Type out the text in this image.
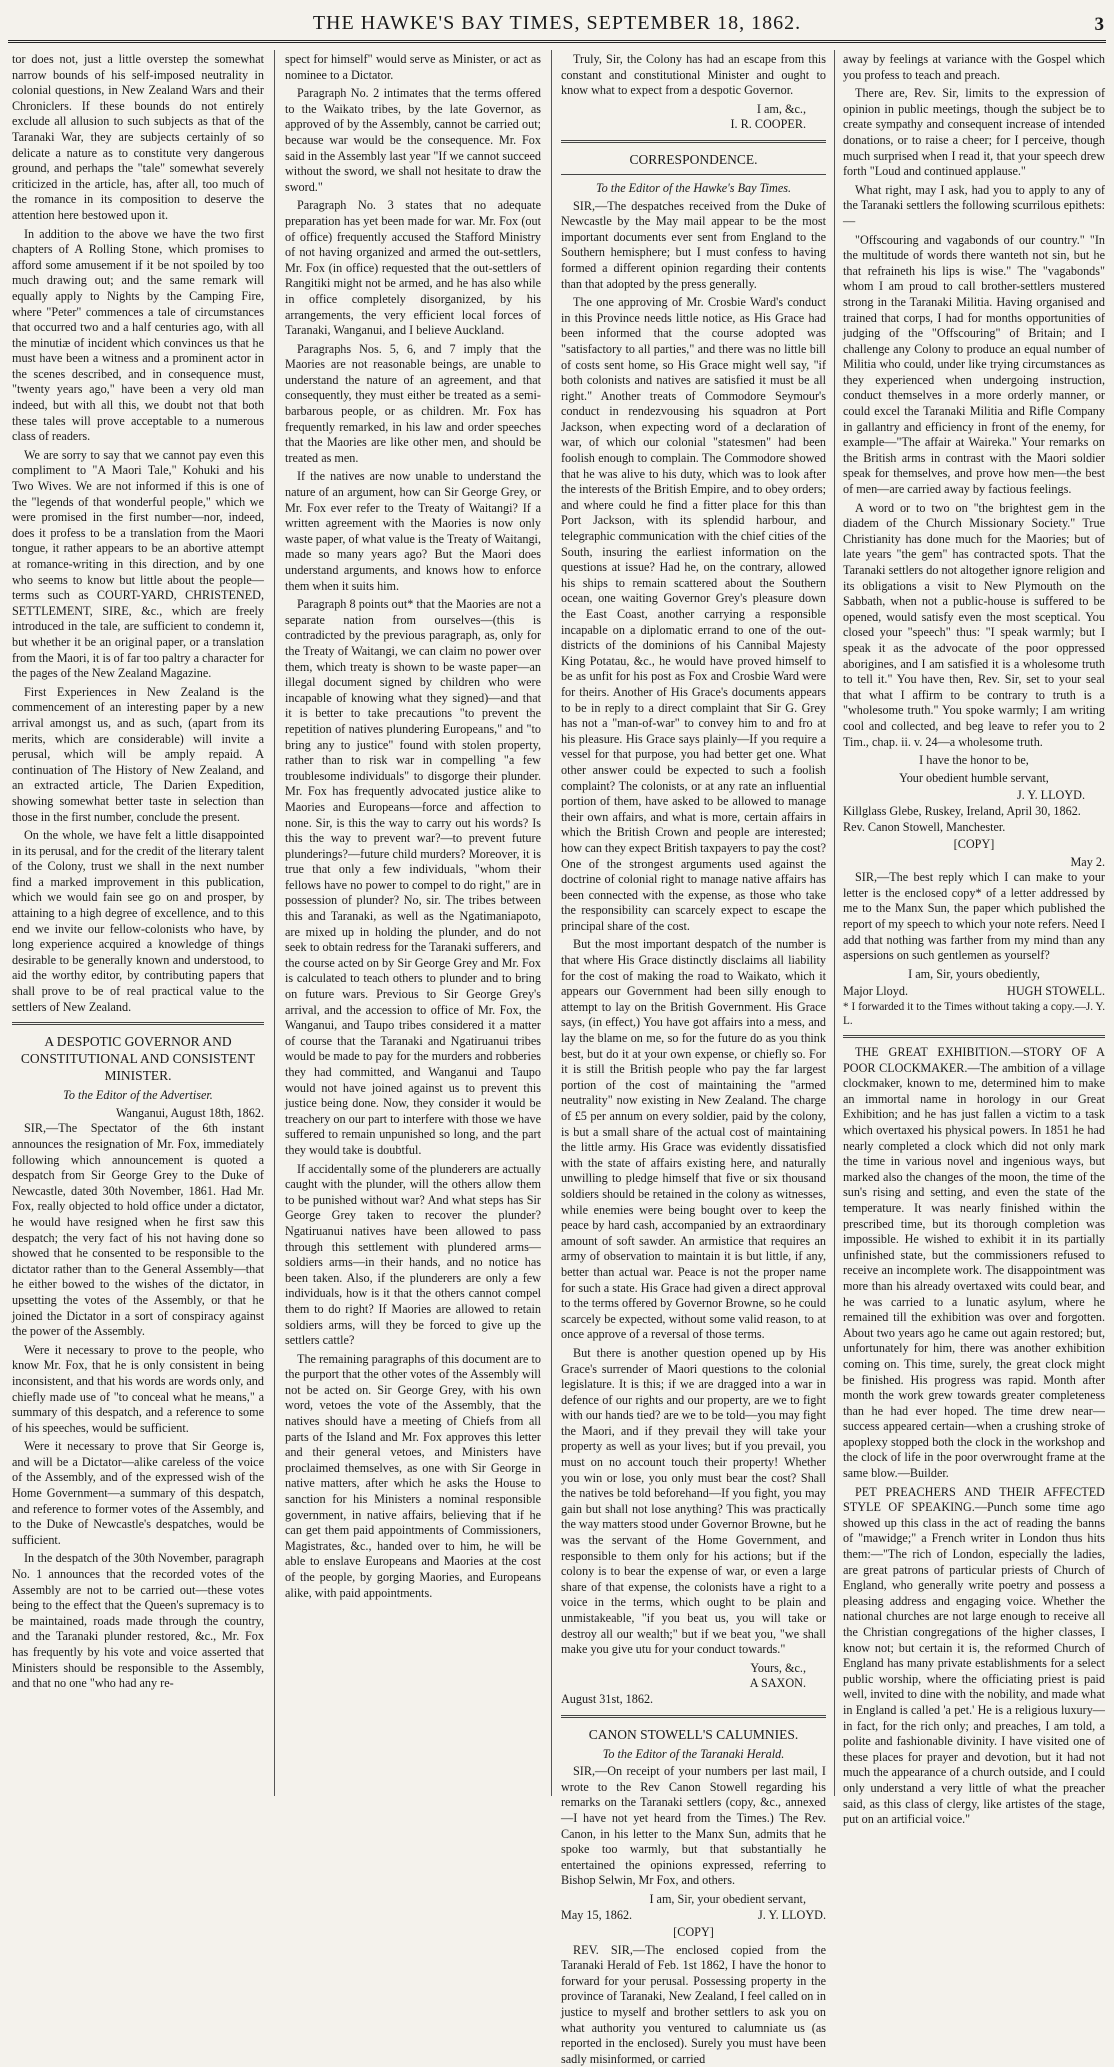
THE HAWKE'S BAY TIMES, SEPTEMBER 18, 1862.	3

tor does not, just a little overstep the somewhat narrow bounds of his self-imposed neutrality in colonial questions, in New Zealand Wars and their Chroniclers. If these bounds do not entirely exclude all allusion to such subjects as that of the Taranaki War, they are subjects certainly of so delicate a nature as to constitute very dangerous ground, and perhaps the "tale" somewhat severely criticized in the article, has, after all, too much of the romance in its composition to deserve the attention here bestowed upon it.

In addition to the above we have the two first chapters of A Rolling Stone, which promises to afford some amusement if it be not spoiled by too much drawing out; and the same remark will equally apply to Nights by the Camping Fire, where "Peter" commences a tale of circumstances that occurred two and a half centuries ago, with all the minutiæ of incident which convinces us that he must have been a witness and a prominent actor in the scenes described, and in consequence must, "twenty years ago," have been a very old man indeed, but with all this, we doubt not that both these tales will prove acceptable to a numerous class of readers.

We are sorry to say that we cannot pay even this compliment to "A Maori Tale," Kohuki and his Two Wives. We are not informed if this is one of the "legends of that wonderful people," which we were promised in the first number—nor, indeed, does it profess to be a translation from the Maori tongue, it rather appears to be an abortive attempt at romance-writing in this direction, and by one who seems to know but little about the people—terms such as COURT-YARD, CHRISTENED, SETTLEMENT, SIRE, &c., which are freely introduced in the tale, are sufficient to condemn it, but whether it be an original paper, or a translation from the Maori, it is of far too paltry a character for the pages of the New Zealand Magazine.

First Experiences in New Zealand is the commencement of an interesting paper by a new arrival amongst us, and as such, (apart from its merits, which are considerable) will invite a perusal, which will be amply repaid. A continuation of The History of New Zealand, and an extracted article, The Darien Expedition, showing somewhat better taste in selection than those in the first number, conclude the present.

On the whole, we have felt a little disappointed in its perusal, and for the credit of the literary talent of the Colony, trust we shall in the next number find a marked improvement in this publication, which we would fain see go on and prosper, by attaining to a high degree of excellence, and to this end we invite our fellow-colonists who have, by long experience acquired a knowledge of things desirable to be generally known and understood, to aid the worthy editor, by contributing papers that shall prove to be of real practical value to the settlers of New Zealand.

A DESPOTIC GOVERNOR AND CONSTITUTIONAL AND CONSISTENT MINISTER.
To the Editor of the Advertiser.
Wanganui, August 18th, 1862.

SIR,—The Spectator of the 6th instant announces the resignation of Mr. Fox, immediately following which announcement is quoted a despatch from Sir George Grey to the Duke of Newcastle, dated 30th November, 1861. Had Mr. Fox, really objected to hold office under a dictator, he would have resigned when he first saw this despatch; the very fact of his not having done so showed that he consented to be responsible to the dictator rather than to the General Assembly—that he either bowed to the wishes of the dictator, in upsetting the votes of the Assembly, or that he joined the Dictator in a sort of conspiracy against the power of the Assembly.

Were it necessary to prove to the people, who know Mr. Fox, that he is only consistent in being inconsistent, and that his words are words only, and chiefly made use of "to conceal what he means," a summary of this despatch, and a reference to some of his speeches, would be sufficient.

Were it necessary to prove that Sir George is, and will be a Dictator—alike careless of the voice of the Assembly, and of the expressed wish of the Home Government—a summary of this despatch, and reference to former votes of the Assembly, and to the Duke of Newcastle's despatches, would be sufficient.

In the despatch of the 30th November, paragraph No. 1 announces that the recorded votes of the Assembly are not to be carried out—these votes being to the effect that the Queen's supremacy is to be maintained, roads made through the country, and the Taranaki plunder restored, &c., Mr. Fox has frequently by his vote and voice asserted that Ministers should be responsible to the Assembly, and that no one "who had any re-

spect for himself" would serve as Minister, or act as nominee to a Dictator.

Paragraph No. 2 intimates that the terms offered to the Waikato tribes, by the late Governor, as approved of by the Assembly, cannot be carried out; because war would be the consequence. Mr. Fox said in the Assembly last year "If we cannot succeed without the sword, we shall not hesitate to draw the sword."

Paragraph No. 3 states that no adequate preparation has yet been made for war. Mr. Fox (out of office) frequently accused the Stafford Ministry of not having organized and armed the out-settlers, Mr. Fox (in office) requested that the out-settlers of Rangitiki might not be armed, and he has also while in office completely disorganized, by his arrangements, the very efficient local forces of Taranaki, Wanganui, and I believe Auckland.

Paragraphs Nos. 5, 6, and 7 imply that the Maories are not reasonable beings, are unable to understand the nature of an agreement, and that consequently, they must either be treated as a semi-barbarous people, or as children. Mr. Fox has frequently remarked, in his law and order speeches that the Maories are like other men, and should be treated as men.

If the natives are now unable to understand the nature of an argument, how can Sir George Grey, or Mr. Fox ever refer to the Treaty of Waitangi? If a written agreement with the Maories is now only waste paper, of what value is the Treaty of Waitangi, made so many years ago? But the Maori does understand arguments, and knows how to enforce them when it suits him.

Paragraph 8 points out* that the Maories are not a separate nation from ourselves—(this is contradicted by the previous paragraph, as, only for the Treaty of Waitangi, we can claim no power over them, which treaty is shown to be waste paper—an illegal document signed by children who were incapable of knowing what they signed)—and that it is better to take precautions "to prevent the repetition of natives plundering Europeans," and "to bring any to justice" found with stolen property, rather than to risk war in compelling "a few troublesome individuals" to disgorge their plunder. Mr. Fox has frequently advocated justice alike to Maories and Europeans—force and affection to none. Sir, is this the way to carry out his words? Is this the way to prevent war?—to prevent future plunderings?—future child murders? Moreover, it is true that only a few individuals, "whom their fellows have no power to compel to do right," are in possession of plunder? No, sir. The tribes between this and Taranaki, as well as the Ngatimaniapoto, are mixed up in holding the plunder, and do not seek to obtain redress for the Taranaki sufferers, and the course acted on by Sir George Grey and Mr. Fox is calculated to teach others to plunder and to bring on future wars. Previous to Sir George Grey's arrival, and the accession to office of Mr. Fox, the Wanganui, and Taupo tribes considered it a matter of course that the Taranaki and Ngatiruanui tribes would be made to pay for the murders and robberies they had committed, and Wanganui and Taupo would not have joined against us to prevent this justice being done. Now, they consider it would be treachery on our part to interfere with those we have suffered to remain unpunished so long, and the part they would take is doubtful.

If accidentally some of the plunderers are actually caught with the plunder, will the others allow them to be punished without war? And what steps has Sir George Grey taken to recover the plunder? Ngatiruanui natives have been allowed to pass through this settlement with plundered arms—soldiers arms—in their hands, and no notice has been taken. Also, if the plunderers are only a few individuals, how is it that the others cannot compel them to do right? If Maories are allowed to retain soldiers arms, will they be forced to give up the settlers cattle?

The remaining paragraphs of this document are to the purport that the other votes of the Assembly will not be acted on. Sir George Grey, with his own word, vetoes the vote of the Assembly, that the natives should have a meeting of Chiefs from all parts of the Island and Mr. Fox approves this letter and their general vetoes, and Ministers have proclaimed themselves, as one with Sir George in native matters, after which he asks the House to sanction for his Ministers a nominal responsible government, in native affairs, believing that if he can get them paid appointments of Commissioners, Magistrates, &c., handed over to him, he will be able to enslave Europeans and Maories at the cost of the people, by gorging Maories, and Europeans alike, with paid appointments.

Truly, Sir, the Colony has had an escape from this constant and constitutional Minister and ought to know what to expect from a despotic Governor.

I am, &c.,
I. R. COOPER.
CORRESPONDENCE.
To the Editor of the Hawke's Bay Times.

SIR,—The despatches received from the Duke of Newcastle by the May mail appear to be the most important documents ever sent from England to the Southern hemisphere; but I must confess to having formed a different opinion regarding their contents than that adopted by the press generally.

The one approving of Mr. Crosbie Ward's conduct in this Province needs little notice, as His Grace had been informed that the course adopted was "satisfactory to all parties," and there was no little bill of costs sent home, so His Grace might well say, "if both colonists and natives are satisfied it must be all right." Another treats of Commodore Seymour's conduct in rendezvousing his squadron at Port Jackson, when expecting word of a declaration of war, of which our colonial "statesmen" had been foolish enough to complain. The Commodore showed that he was alive to his duty, which was to look after the interests of the British Empire, and to obey orders; and where could he find a fitter place for this than Port Jackson, with its splendid harbour, and telegraphic communication with the chief cities of the South, insuring the earliest information on the questions at issue? Had he, on the contrary, allowed his ships to remain scattered about the Southern ocean, one waiting Governor Grey's pleasure down the East Coast, another carrying a responsible incapable on a diplomatic errand to one of the out-districts of the dominions of his Cannibal Majesty King Potatau, &c., he would have proved himself to be as unfit for his post as Fox and Crosbie Ward were for theirs. Another of His Grace's documents appears to be in reply to a direct complaint that Sir G. Grey has not a "man-of-war" to convey him to and fro at his pleasure. His Grace says plainly—If you require a vessel for that purpose, you had better get one. What other answer could be expected to such a foolish complaint? The colonists, or at any rate an influential portion of them, have asked to be allowed to manage their own affairs, and what is more, certain affairs in which the British Crown and people are interested; how can they expect British taxpayers to pay the cost? One of the strongest arguments used against the doctrine of colonial right to manage native affairs has been connected with the expense, as those who take the responsibility can scarcely expect to escape the principal share of the cost.

But the most important despatch of the number is that where His Grace distinctly disclaims all liability for the cost of making the road to Waikato, which it appears our Government had been silly enough to attempt to lay on the British Government. His Grace says, (in effect,) You have got affairs into a mess, and lay the blame on me, so for the future do as you think best, but do it at your own expense, or chiefly so. For it is still the British people who pay the far largest portion of the cost of maintaining the "armed neutrality" now existing in New Zealand. The charge of £5 per annum on every soldier, paid by the colony, is but a small share of the actual cost of maintaining the little army. His Grace was evidently dissatisfied with the state of affairs existing here, and naturally unwilling to pledge himself that five or six thousand soldiers should be retained in the colony as witnesses, while enemies were being bought over to keep the peace by hard cash, accompanied by an extraordinary amount of soft sawder. An armistice that requires an army of observation to maintain it is but little, if any, better than actual war. Peace is not the proper name for such a state. His Grace had given a direct approval to the terms offered by Governor Browne, so he could scarcely be expected, without some valid reason, to at once approve of a reversal of those terms.

But there is another question opened up by His Grace's surrender of Maori questions to the colonial legislature. It is this; if we are dragged into a war in defence of our rights and our property, are we to fight with our hands tied? are we to be told—you may fight the Maori, and if they prevail they will take your property as well as your lives; but if you prevail, you must on no account touch their property! Whether you win or lose, you only must bear the cost? Shall the natives be told beforehand—If you fight, you may gain but shall not lose anything? This was practically the way matters stood under Governor Browne, but he was the servant of the Home Government, and responsible to them only for his actions; but if the colony is to bear the expense of war, or even a large share of that expense, the colonists have a right to a voice in the terms, which ought to be plain and unmistakeable, "if you beat us, you will take or destroy all our wealth;" but if we beat you, "we shall make you give utu for your conduct towards."

Yours, &c.,
A SAXON.
August 31st, 1862.
CANON STOWELL'S CALUMNIES.
To the Editor of the Taranaki Herald.

SIR,—On receipt of your numbers per last mail, I wrote to the Rev Canon Stowell regarding his remarks on the Taranaki settlers (copy, &c., annexed—I have not yet heard from the Times.) The Rev. Canon, in his letter to the Manx Sun, admits that he spoke too warmly, but that substantially he entertained the opinions expressed, referring to Bishop Selwin, Mr Fox, and others.

I am, Sir, your obedient servant,
May 15, 1862.	J. Y. LLOYD.
[COPY]

REV. SIR,—The enclosed copied from the Taranaki Herald of Feb. 1st 1862, I have the honor to forward for your perusal. Possessing property in the province of Taranaki, New Zealand, I feel called on in justice to myself and brother settlers to ask you on what authority you ventured to calumniate us (as reported in the enclosed). Surely you must have been sadly misinformed, or carried

away by feelings at variance with the Gospel which you profess to teach and preach.

There are, Rev. Sir, limits to the expression of opinion in public meetings, though the subject be to create sympathy and consequent increase of intended donations, or to raise a cheer; for I perceive, though much surprised when I read it, that your speech drew forth "Loud and continued applause."

What right, may I ask, had you to apply to any of the Taranaki settlers the following scurrilous epithets:—

"Offscouring and vagabonds of our country." "In the multitude of words there wanteth not sin, but he that refraineth his lips is wise." The "vagabonds" whom I am proud to call brother-settlers mustered strong in the Taranaki Militia. Having organised and trained that corps, I had for months opportunities of judging of the "Offscouring" of Britain; and I challenge any Colony to produce an equal number of Militia who could, under like trying circumstances as they experienced when undergoing instruction, conduct themselves in a more orderly manner, or could excel the Taranaki Militia and Rifle Company in gallantry and efficiency in front of the enemy, for example—"The affair at Waireka." Your remarks on the British arms in contrast with the Maori soldier speak for themselves, and prove how men—the best of men—are carried away by factious feelings.

A word or to two on "the brightest gem in the diadem of the Church Missionary Society." True Christianity has done much for the Maories; but of late years "the gem" has contracted spots. That the Taranaki settlers do not altogether ignore religion and its obligations a visit to New Plymouth on the Sabbath, when not a public-house is suffered to be opened, would satisfy even the most sceptical. You closed your "speech" thus: "I speak warmly; but I speak it as the advocate of the poor oppressed aborigines, and I am satisfied it is a wholesome truth to tell it." You have then, Rev. Sir, set to your seal that what I affirm to be contrary to truth is a "wholesome truth." You spoke warmly; I am writing cool and collected, and beg leave to refer you to 2 Tim., chap. ii. v. 24—a wholesome truth.

I have the honor to be,
Your obedient humble servant,
J. Y. LLOYD.
Killglass Glebe, Ruskey, Ireland, April 30, 1862.
Rev. Canon Stowell, Manchester.
[COPY]
May 2.

SIR,—The best reply which I can make to your letter is the enclosed copy* of a letter addressed by me to the Manx Sun, the paper which published the report of my speech to which your note refers. Need I add that nothing was farther from my mind than any aspersions on such gentlemen as yourself?

I am, Sir, yours obediently,
Major Lloyd.	HUGH STOWELL.
* I forwarded it to the Times without taking a copy.—J. Y. L.

THE GREAT EXHIBITION.—STORY OF A POOR CLOCKMAKER.—The ambition of a village clockmaker, known to me, determined him to make an immortal name in horology in our Great Exhibition; and he has just fallen a victim to a task which overtaxed his physical powers. In 1851 he had nearly completed a clock which did not only mark the time in various novel and ingenious ways, but marked also the changes of the moon, the time of the sun's rising and setting, and even the state of the temperature. It was nearly finished within the prescribed time, but its thorough completion was impossible. He wished to exhibit it in its partially unfinished state, but the commissioners refused to receive an incomplete work. The disappointment was more than his already overtaxed wits could bear, and he was carried to a lunatic asylum, where he remained till the exhibition was over and forgotten. About two years ago he came out again restored; but, unfortunately for him, there was another exhibition coming on. This time, surely, the great clock might be finished. His progress was rapid. Month after month the work grew towards greater completeness than he had ever hoped. The time drew near—success appeared certain—when a crushing stroke of apoplexy stopped both the clock in the workshop and the clock of life in the poor overwrought frame at the same blow.—Builder.

PET PREACHERS AND THEIR AFFECTED STYLE OF SPEAKING.—Punch some time ago showed up this class in the act of reading the banns of "mawidge;" a French writer in London thus hits them:—"The rich of London, especially the ladies, are great patrons of particular priests of Church of England, who generally write poetry and possess a pleasing address and engaging voice. Whether the national churches are not large enough to receive all the Christian congregations of the higher classes, I know not; but certain it is, the reformed Church of England has many private establishments for a select public worship, where the officiating priest is paid well, invited to dine with the nobility, and made what in England is called 'a pet.' He is a religious luxury—in fact, for the rich only; and preaches, I am told, a polite and fashionable divinity. I have visited one of these places for prayer and devotion, but it had not much the appearance of a church outside, and I could only understand a very little of what the preacher said, as this class of clergy, like artistes of the stage, put on an artificial voice."
